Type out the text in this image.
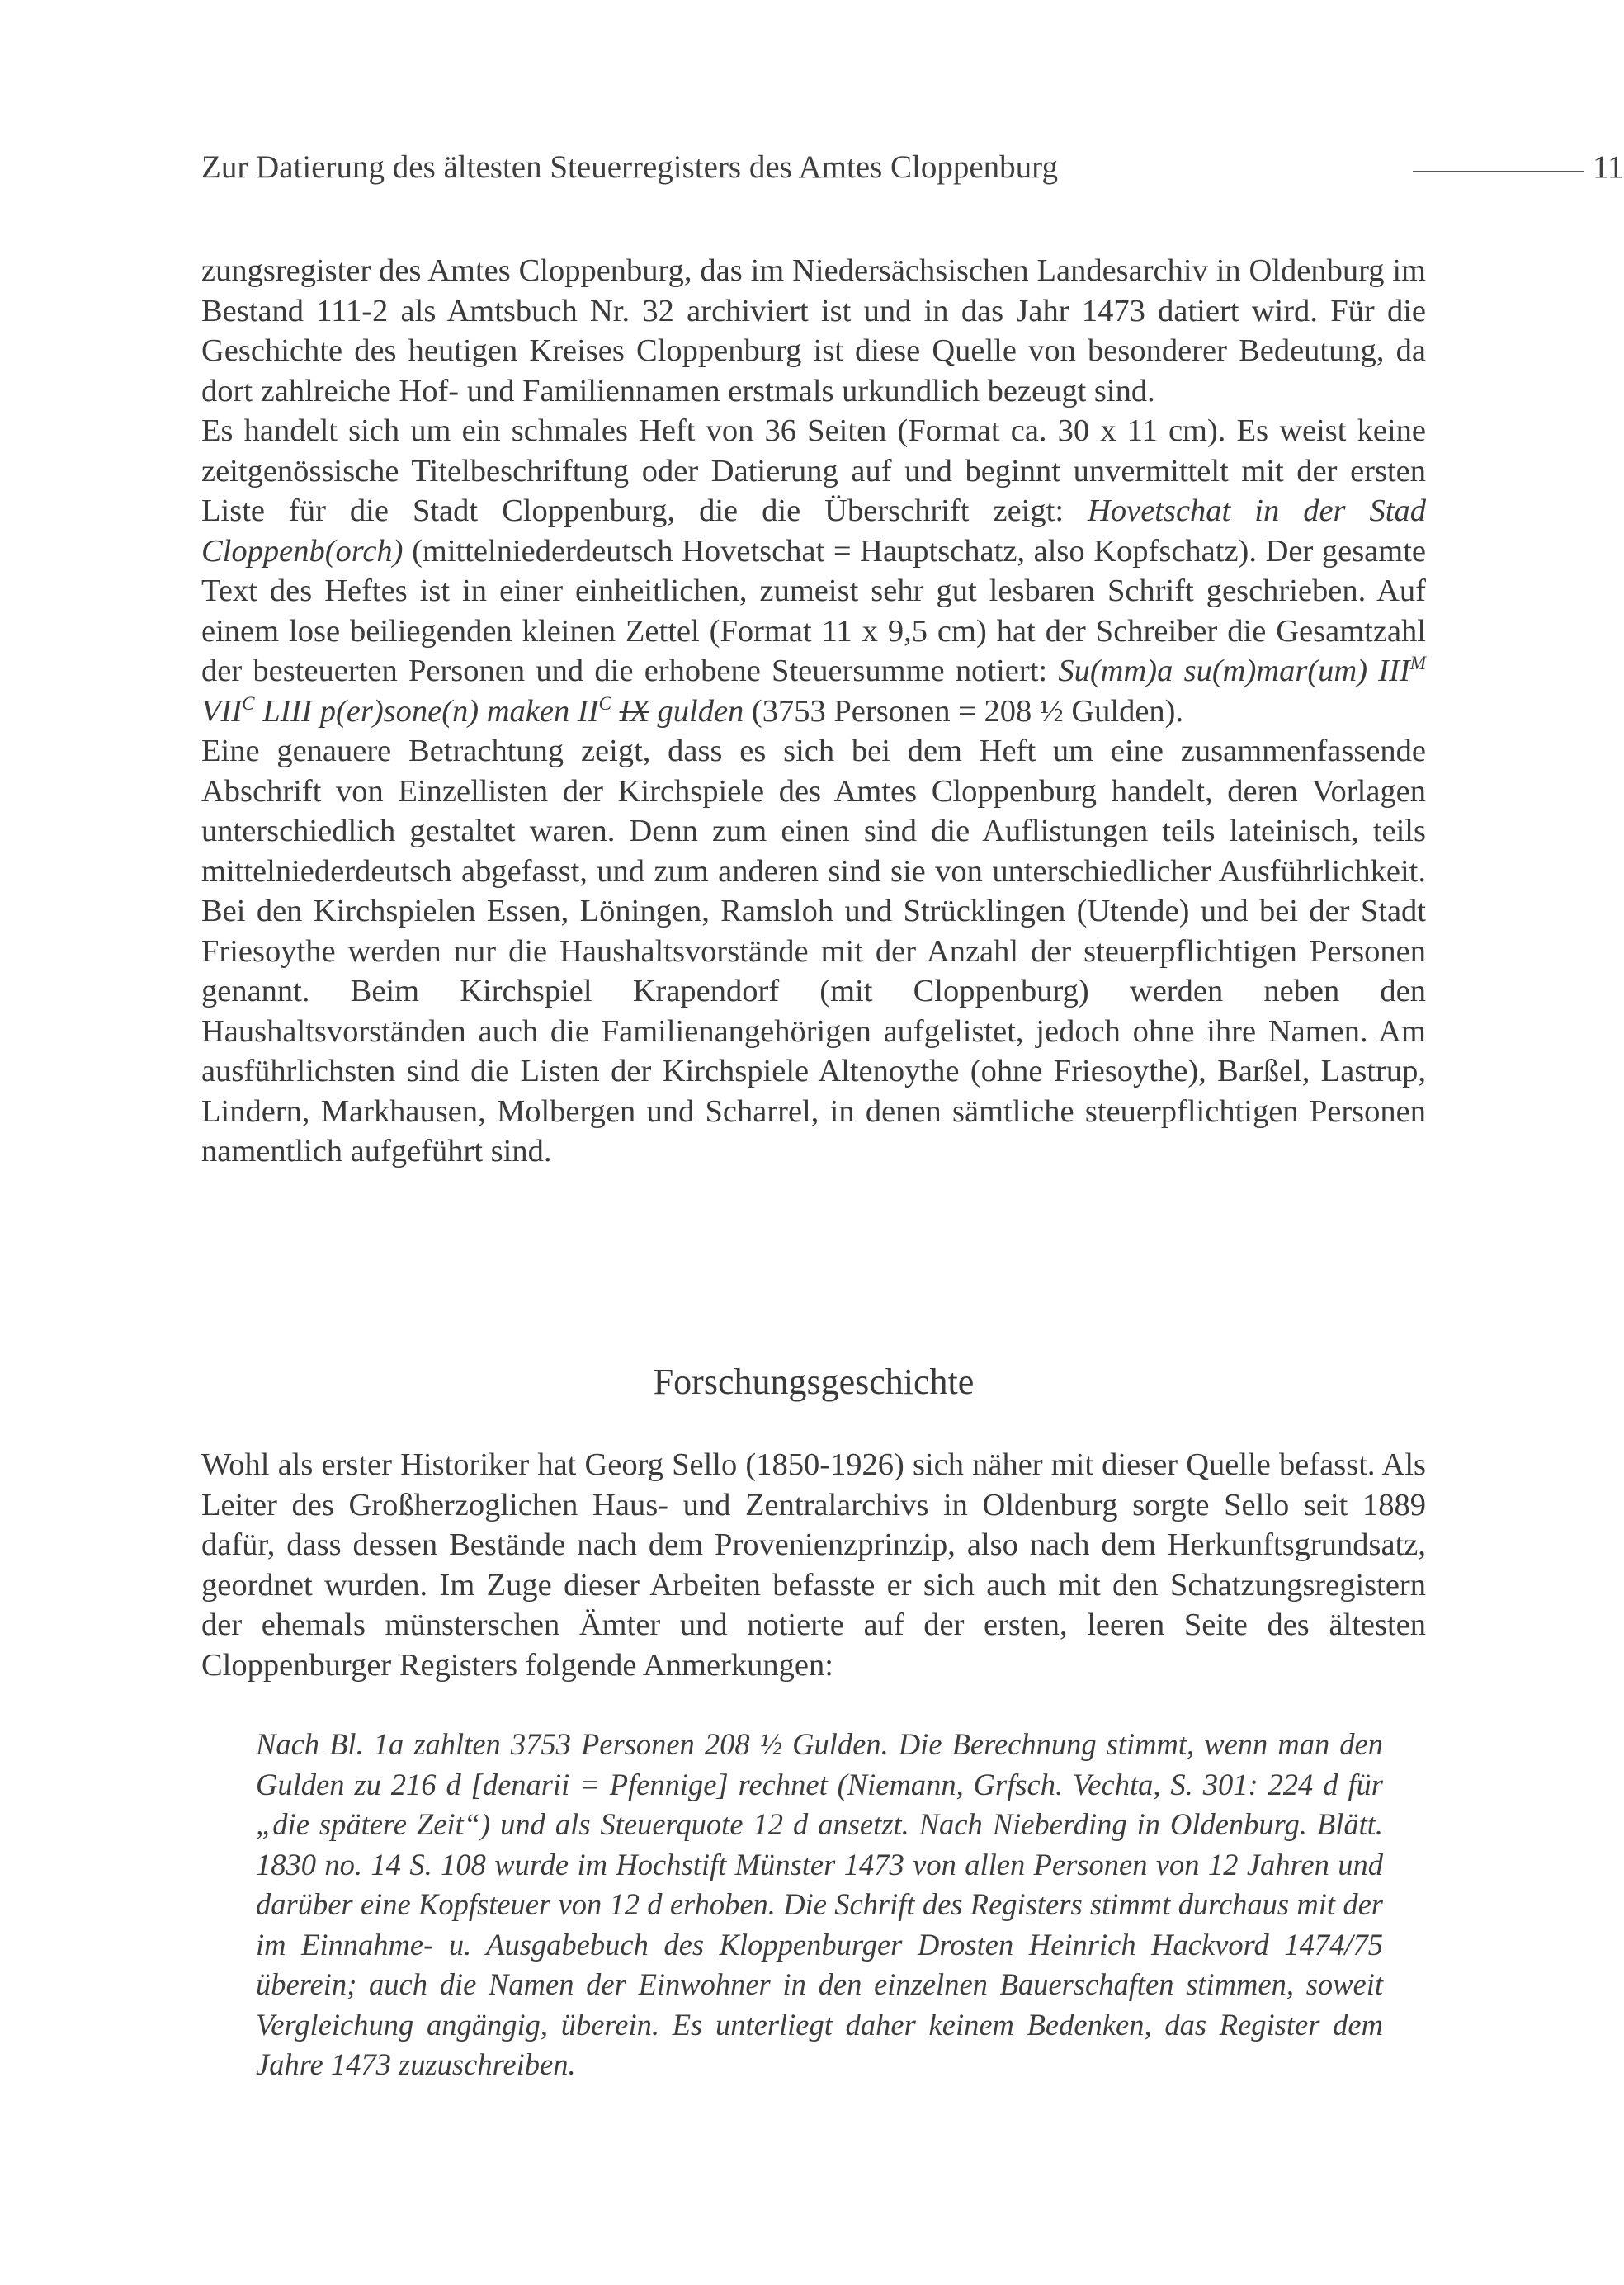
Zur Datierung des ältesten Steuerregisters des Amtes Cloppenburg	11

zungsregister des Amtes Cloppenburg, das im Niedersächsischen Landesarchiv in Oldenburg im Bestand 111-2 als Amtsbuch Nr. 32 archiviert ist und in das Jahr 1473 datiert wird. Für die Geschichte des heutigen Kreises Cloppenburg ist diese Quelle von besonderer Bedeutung, da dort zahlreiche Hof- und Familiennamen erstmals urkundlich bezeugt sind.

Es handelt sich um ein schmales Heft von 36 Seiten (Format ca. 30 x 11 cm). Es weist keine zeitgenössische Titelbeschriftung oder Datierung auf und beginnt unvermittelt mit der ersten Liste für die Stadt Cloppenburg, die die Überschrift zeigt: Hovetschat in der Stad Cloppenb(orch) (mittelniederdeutsch Hovetschat = Hauptschatz, also Kopfschatz). Der gesamte Text des Heftes ist in einer einheitlichen, zumeist sehr gut lesbaren Schrift geschrieben. Auf einem lose beiliegenden kleinen Zettel (Format 11 x 9,5 cm) hat der Schreiber die Gesamtzahl der besteuerten Personen und die erhobene Steuersumme notiert: Su(mm)a su(m)mar(um) $III^M$ $VII^C$ LIII p(er)sone(n) maken $II^C$ IX gulden (3753 Personen = 208 ½ Gulden).

Eine genauere Betrachtung zeigt, dass es sich bei dem Heft um eine zusammenfassende Abschrift von Einzellisten der Kirchspiele des Amtes Cloppenburg handelt, deren Vorlagen unterschiedlich gestaltet waren. Denn zum einen sind die Auflistungen teils lateinisch, teils mittelniederdeutsch abgefasst, und zum anderen sind sie von unterschiedlicher Ausführlichkeit. Bei den Kirchspielen Essen, Löningen, Ramsloh und Strücklingen (Utende) und bei der Stadt Friesoythe werden nur die Haushaltsvorstände mit der Anzahl der steuerpflichtigen Personen genannt. Beim Kirchspiel Krapendorf (mit Cloppenburg) werden neben den Haushaltsvorständen auch die Familienangehörigen aufgelistet, jedoch ohne ihre Namen. Am ausführlichsten sind die Listen der Kirchspiele Altenoythe (ohne Friesoythe), Barßel, Lastrup, Lindern, Markhausen, Molbergen und Scharrel, in denen sämtliche steuerpflichtigen Personen namentlich aufgeführt sind.

Forschungsgeschichte

Wohl als erster Historiker hat Georg Sello (1850-1926) sich näher mit dieser Quelle befasst. Als Leiter des Großherzoglichen Haus- und Zentralarchivs in Oldenburg sorgte Sello seit 1889 dafür, dass dessen Bestände nach dem Provenienzprinzip, also nach dem Herkunftsgrundsatz, geordnet wurden. Im Zuge dieser Arbeiten befasste er sich auch mit den Schatzungsregistern der ehemals münsterschen Ämter und notierte auf der ersten, leeren Seite des ältesten Cloppenburger Registers folgende Anmerkungen:

Nach Bl. 1a zahlten 3753 Personen 208 ½ Gulden. Die Berechnung stimmt, wenn man den Gulden zu 216 d [denarii = Pfennige] rechnet (Niemann, Grfsch. Vechta, S. 301: 224 d für „die spätere Zeit“) und als Steuerquote 12 d ansetzt. Nach Nieberding in Oldenburg. Blätt. 1830 no. 14 S. 108 wurde im Hochstift Münster 1473 von allen Personen von 12 Jahren und darüber eine Kopfsteuer von 12 d erhoben. Die Schrift des Registers stimmt durchaus mit der im Einnahme- u. Ausgabebuch des Kloppenburger Drosten Heinrich Hackvord 1474/75 überein; auch die Namen der Einwohner in den einzelnen Bauerschaften stimmen, soweit Vergleichung angängig, überein. Es unterliegt daher keinem Bedenken, das Register dem Jahre 1473 zuzuschreiben.
